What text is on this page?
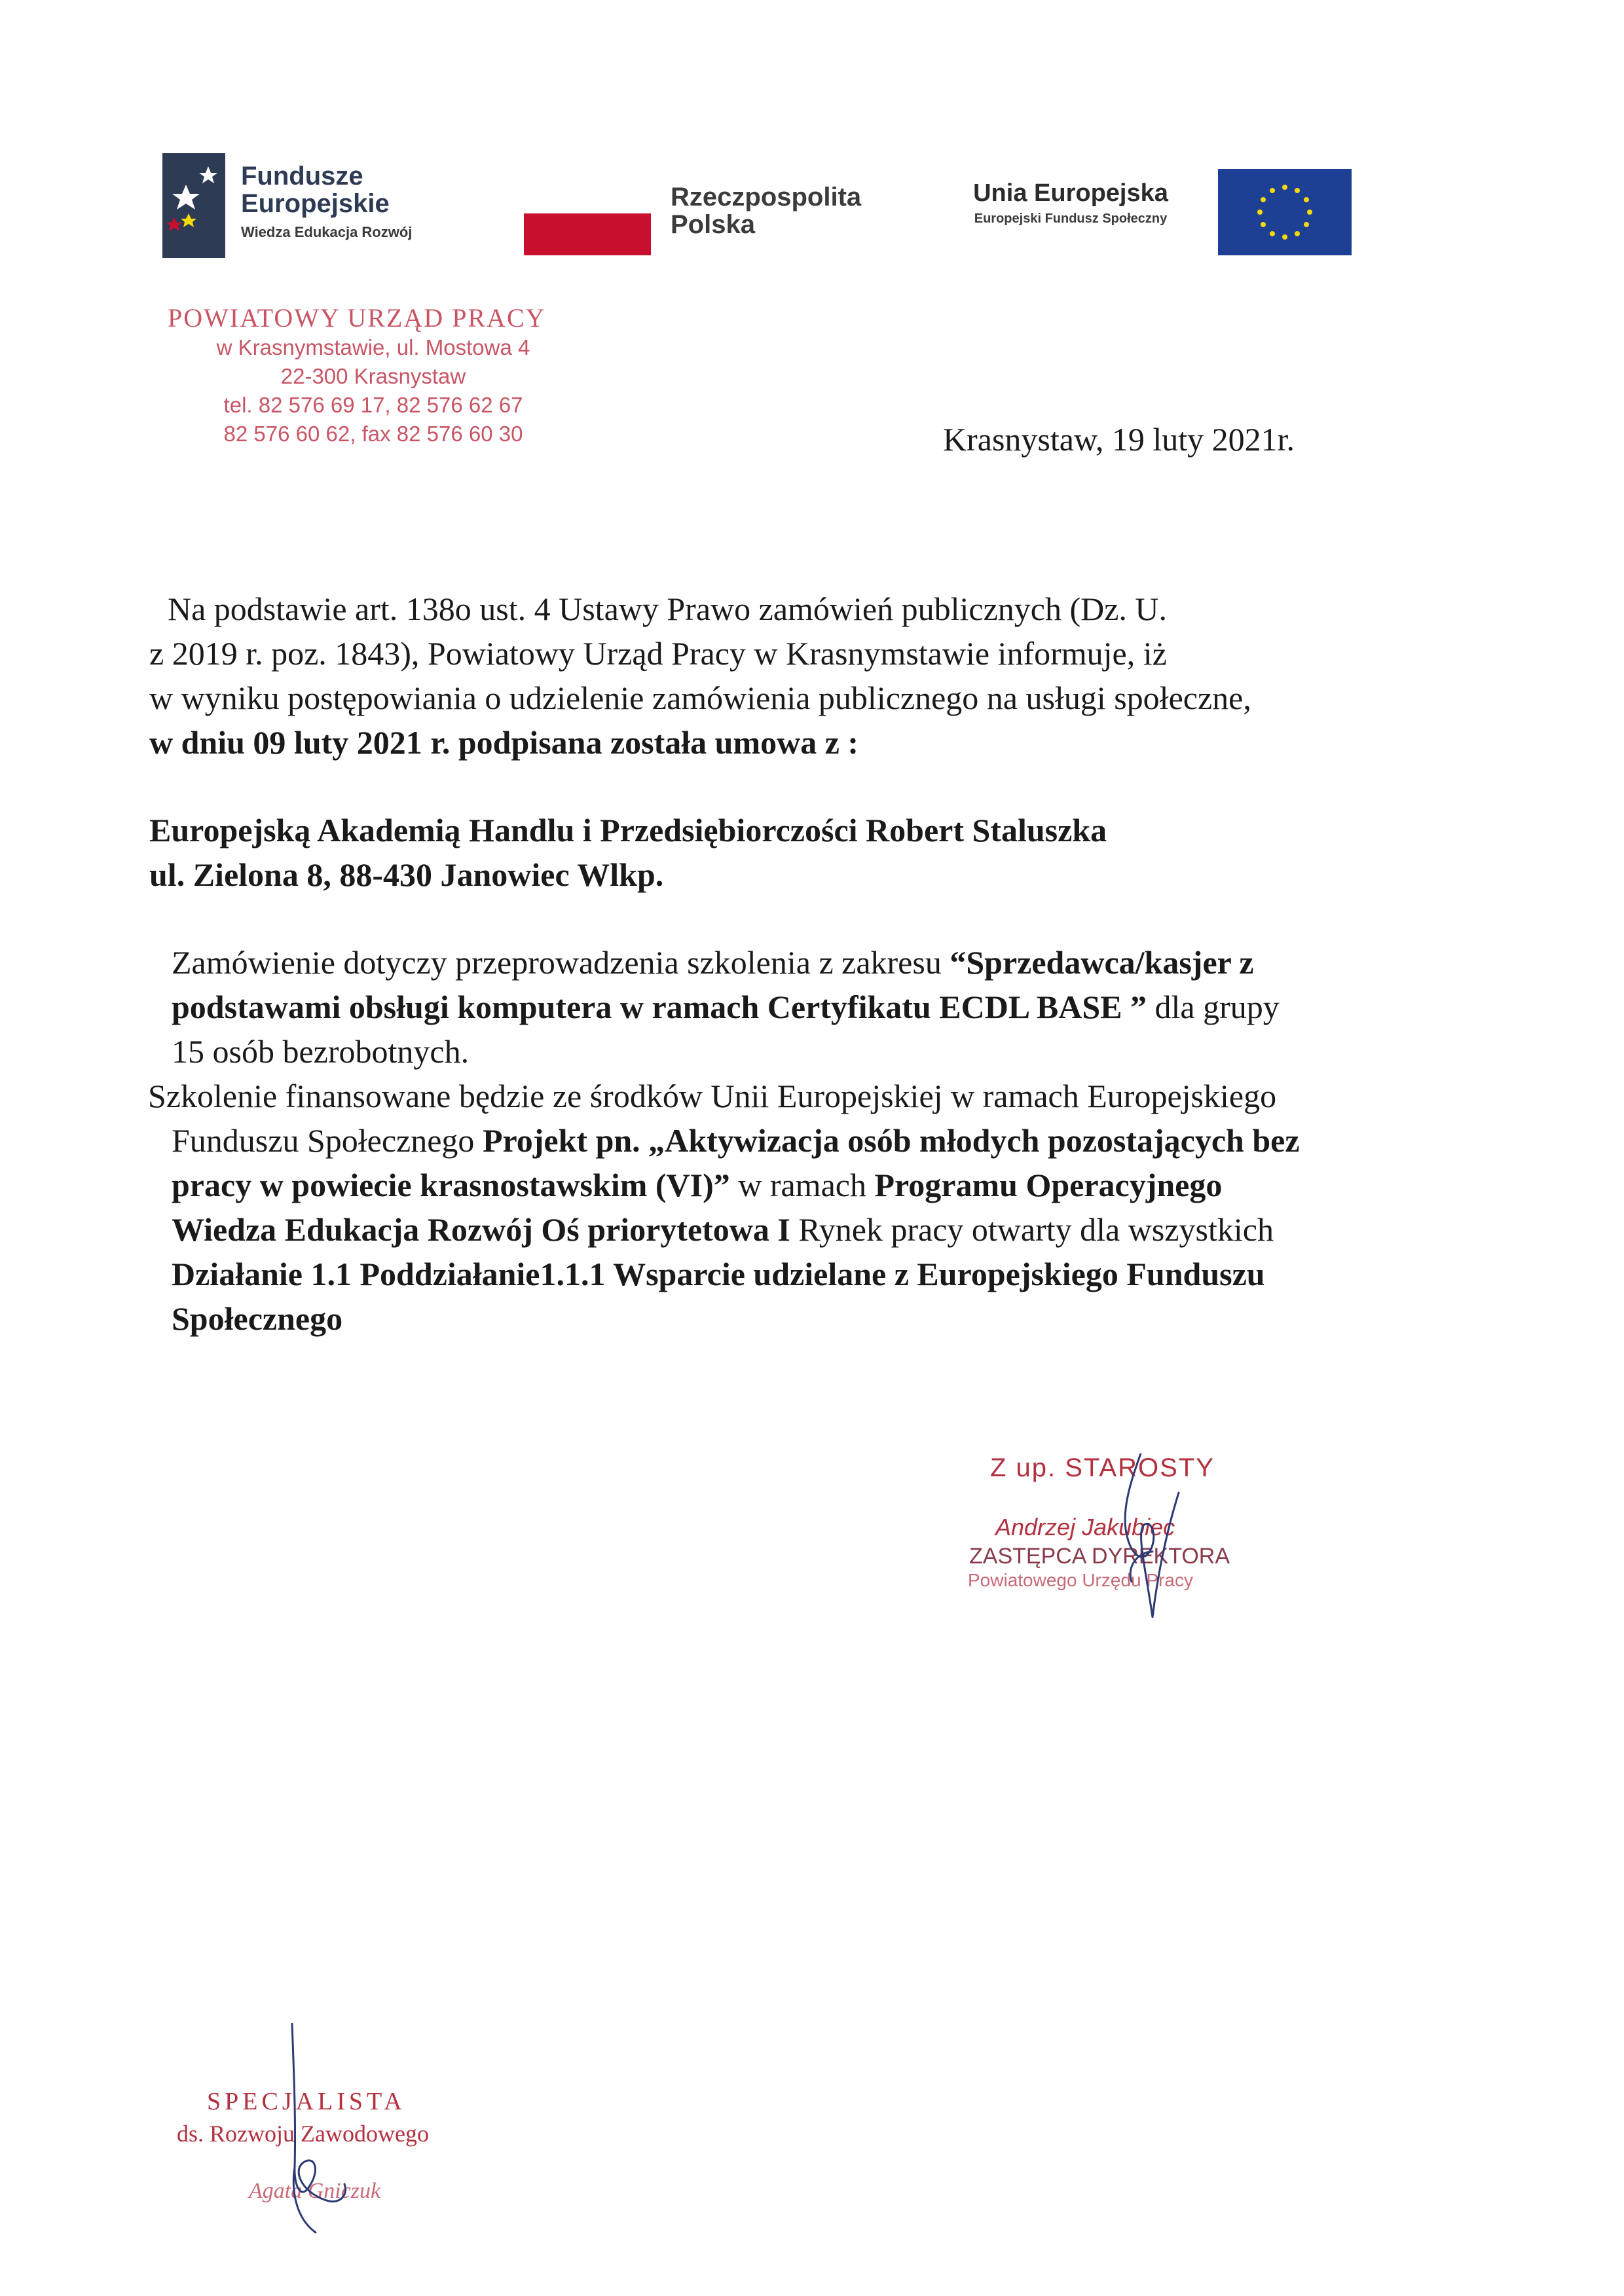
Fundusze
Europejskie
Wiedza Edukacja Rozwój
Rzeczpospolita
Polska
Unia Europejska
Europejski Fundusz Społeczny
POWIATOWY URZĄD PRACY
w Krasnymstawie, ul. Mostowa 4
22-300 Krasnystaw
tel. 82 576 69 17, 82 576 62 67
82 576 60 62, fax 82 576 60 30	Krasnystaw, 19 luty 2021r.
Na podstawie art. 138o ust. 4 Ustawy Prawo zamówień publicznych (Dz. U.
z 2019 r. poz. 1843), Powiatowy Urząd Pracy w Krasnymstawie informuje, iż
w wyniku postępowiania o udzielenie zamówienia publicznego na usługi społeczne,
w dniu 09 luty 2021 r. podpisana została umowa z :
Europejską Akademią Handlu i Przedsiębiorczości Robert Staluszka
ul. Zielona 8, 88-430 Janowiec Wlkp.
Zamówienie dotyczy przeprowadzenia szkolenia z zakresu “Sprzedawca/kasjer z
podstawami obsługi komputera w ramach Certyfikatu ECDL BASE ” dla grupy
15 osób bezrobotnych.
Szkolenie finansowane będzie ze środków Unii Europejskiej w ramach Europejskiego
Funduszu Społecznego Projekt pn. „Aktywizacja osób młodych pozostających bez
pracy w powiecie krasnostawskim (VI)” w ramach Programu Operacyjnego
Wiedza Edukacja Rozwój Oś priorytetowa I Rynek pracy otwarty dla wszystkich
Działanie 1.1 Poddziałanie1.1.1 Wsparcie udzielane z Europejskiego Funduszu
Społecznego
Z up. STAROSTY
Andrzej Jakubiec
ZASTĘPCA DYREKTORA
Powiatowego Urzędu Pracy
SPECJALISTA
ds. Rozwoju Zawodowego
Agata Gniczuk
